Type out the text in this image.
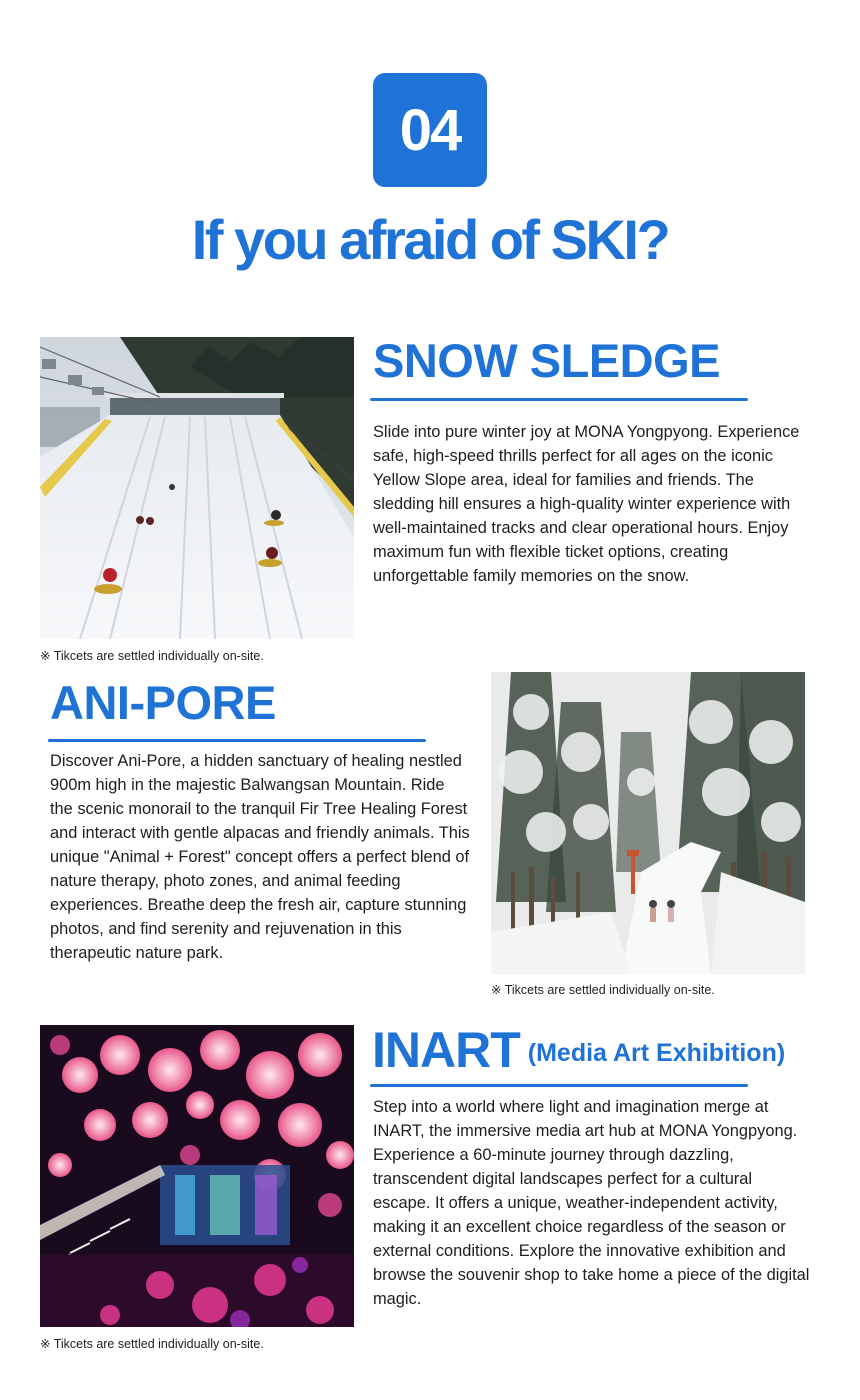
04
If you afraid of SKI?
SNOW SLEDGE

Slide into pure winter joy at MONA Yongpyong. Experience safe, high-speed thrills perfect for all ages on the iconic Yellow Slope area, ideal for families and friends. The sledding hill ensures a high-quality winter experience with well-maintained tracks and clear operational hours. Enjoy maximum fun with flexible ticket options, creating unforgettable family memories on the snow.

※ Tikcets are settled individually on-site.
ANI-PORE

Discover Ani-Pore, a hidden sanctuary of healing nestled 900m high in the majestic Balwangsan Mountain. Ride the scenic monorail to the tranquil Fir Tree Healing Forest and interact with gentle alpacas and friendly animals. This unique "Animal + Forest" concept offers a perfect blend of nature therapy, photo zones, and animal feeding experiences. Breathe deep the fresh air, capture stunning photos, and find serenity and rejuvenation in this therapeutic nature park.

※ Tikcets are settled individually on-site.
INART $^{(Media Art Exhibition)}$

Step into a world where light and imagination merge at INART, the immersive media art hub at MONA Yongpyong. Experience a 60-minute journey through dazzling, transcendent digital landscapes perfect for a cultural escape. It offers a unique, weather-independent activity, making it an excellent choice regardless of the season or external conditions. Explore the innovative exhibition and browse the souvenir shop to take home a piece of the digital magic.

※ Tikcets are settled individually on-site.
